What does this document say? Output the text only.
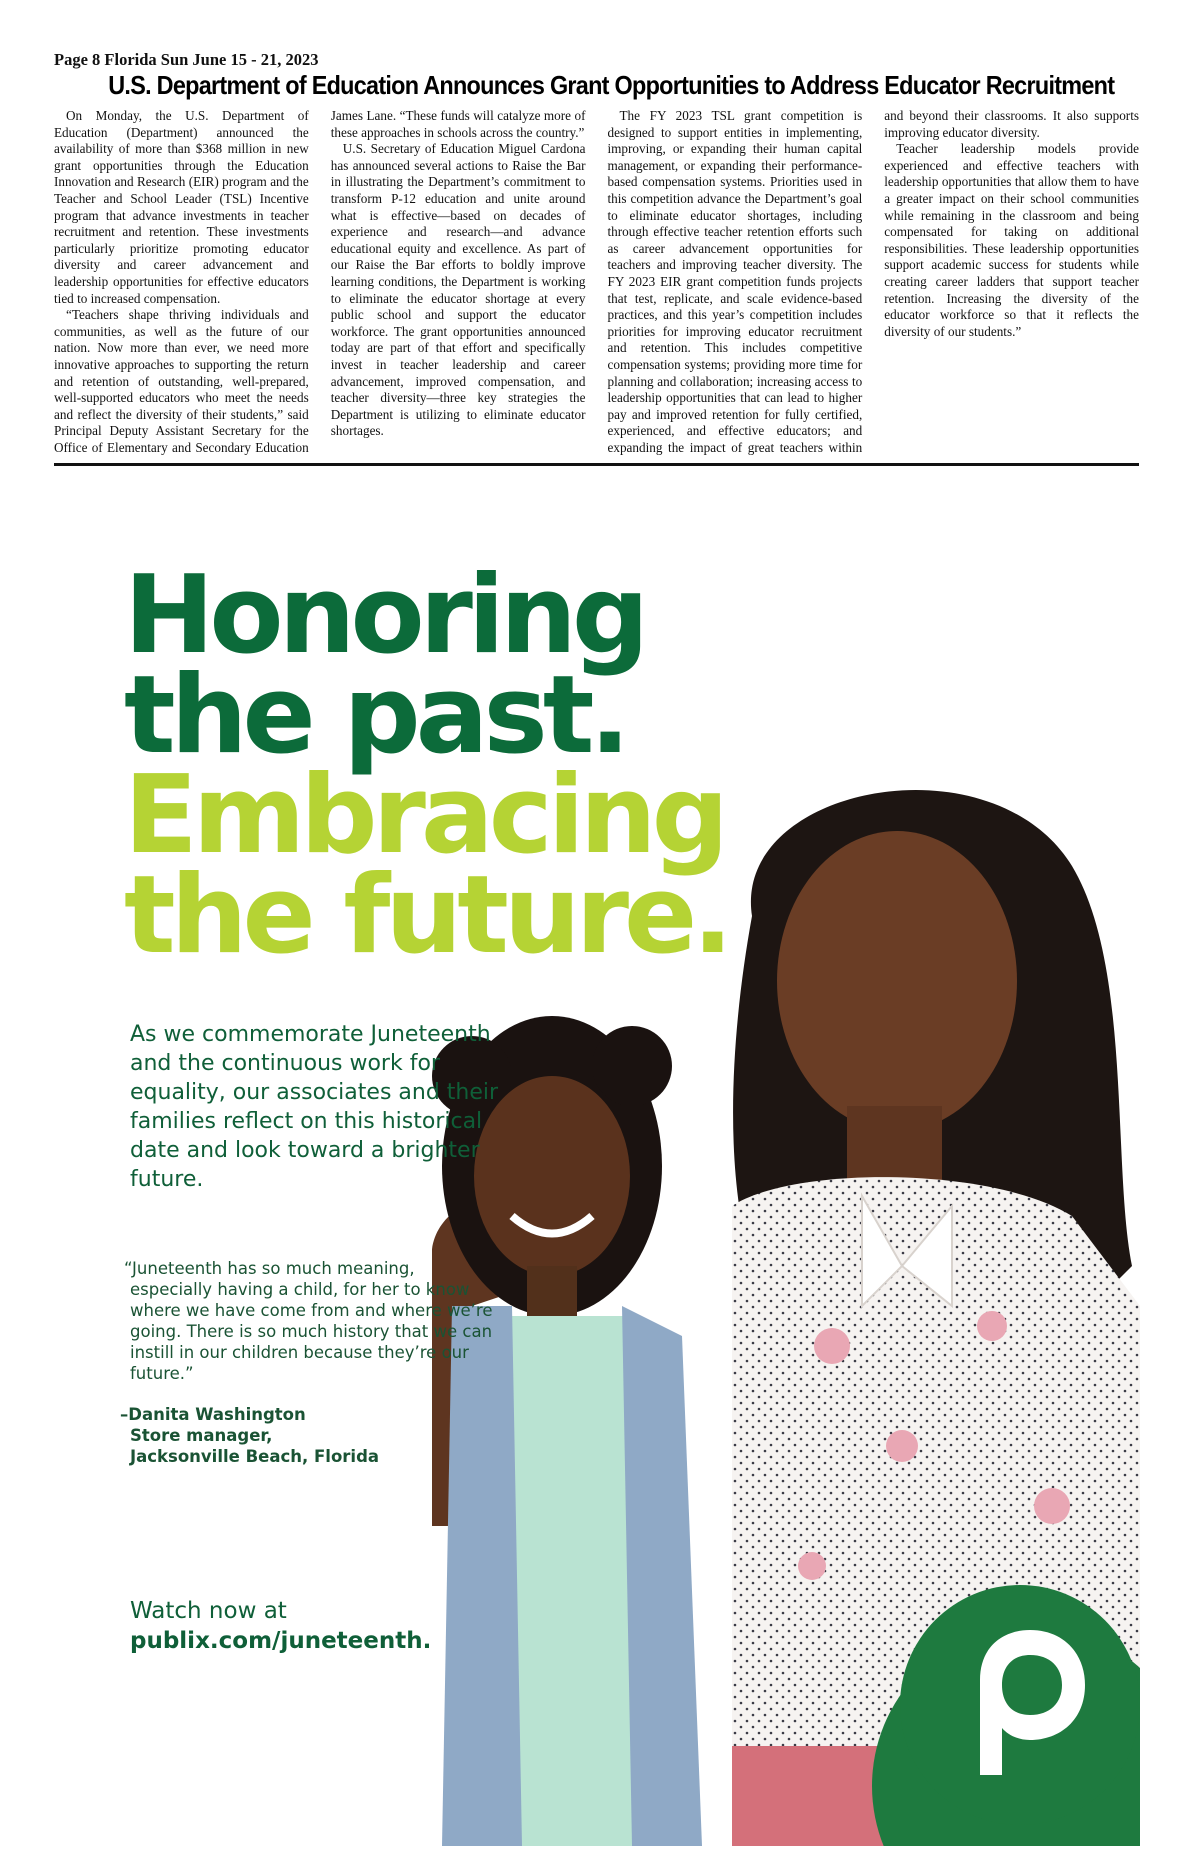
Page 8 Florida Sun June 15 - 21, 2023
U.S. Department of Education Announces Grant Opportunities to Address Educator Recruitment

On Monday, the U.S. Department of Education (Department) announced the availability of more than $368 million in new grant opportunities through the Education Innovation and Research (EIR) program and the Teacher and School Leader (TSL) Incentive program that advance investments in teacher recruitment and retention. These investments particularly prioritize promoting educator diversity and career advancement and leadership opportunities for effective educators tied to increased compensation.

“Teachers shape thriving individuals and communities, as well as the future of our nation. Now more than ever, we need more innovative approaches to supporting the return and retention of outstanding, well-prepared, well-supported educators who meet the needs and reflect the diversity of their students,” said Principal Deputy Assistant Secretary for the Office of Elementary and Secondary Education James Lane. “These funds will catalyze more of these approaches in schools across the country.”

U.S. Secretary of Education Miguel Cardona has announced several actions to Raise the Bar in illustrating the Department’s commitment to transform P-12 education and unite around what is effective—based on decades of experience and research—and advance educational equity and excellence. As part of our Raise the Bar efforts to boldly improve learning conditions, the Department is working to eliminate the educator shortage at every public school and support the educator workforce. The grant opportunities announced today are part of that effort and specifically invest in teacher leadership and career advancement, improved compensation, and teacher diversity—three key strategies the Department is utilizing to eliminate educator shortages.

The FY 2023 TSL grant competition is designed to support entities in implementing, improving, or expanding their human capital management, or expanding their performance-based compensation systems. Priorities used in this competition advance the Department’s goal to eliminate educator shortages, including through effective teacher retention efforts such as career advancement opportunities for teachers and improving teacher diversity. The FY 2023 EIR grant competition funds projects that test, replicate, and scale evidence-based practices, and this year’s competition includes priorities for improving educator recruitment and retention. This includes competitive compensation systems; providing more time for planning and collaboration; increasing access to leadership opportunities that can lead to higher pay and improved retention for fully certified, experienced, and effective educators; and expanding the impact of great teachers within and beyond their classrooms. It also supports improving educator diversity.

Teacher leadership models provide experienced and effective teachers with leadership opportunities that allow them to have a greater impact on their school communities while remaining in the classroom and being compensated for taking on additional responsibilities. These leadership opportunities support academic success for students while creating career ladders that support teacher retention. Increasing the diversity of the educator workforce so that it reflects the diversity of our students.”

Honoring
the past.
Embracing
the future.
As we commemorate Juneteenth and the continuous work for equality, our associates and their families reflect on this historical date and look toward a brighter future.
“Juneteenth has so much meaning,
especially having a child, for her to know where we have come from and where we’re going. There is so much history that we can instill in our children because they’re our future.”
–Danita Washington
Store manager,
Jacksonville Beach, Florida
Watch now at
publix.com/juneteenth.
